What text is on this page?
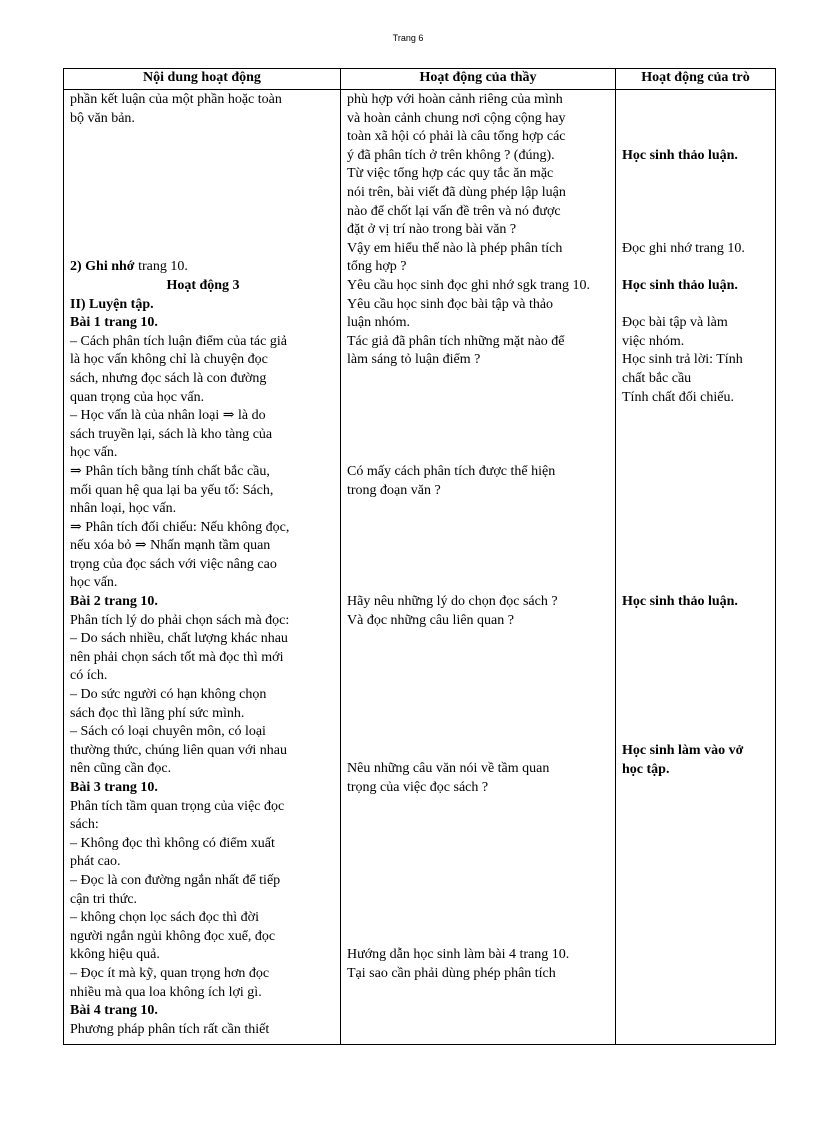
Trang 6
Nội dung hoạt động	Hoạt động của thầy	Hoạt động của trò
phần kết luận của một phần hoặc toàn
bộ văn bản.
2) Ghi nhớ trang 10.
Hoạt động 3
II) Luyện tập.
Bài 1 trang 10.
– Cách phân tích luận điểm của tác giả
là học vấn không chỉ là chuyện đọc
sách, nhưng đọc sách là con đường
quan trọng của học vấn.
– Học vấn là của nhân loại ⇒ là do
sách truyền lại, sách là kho tàng của
học vấn.
⇒ Phân tích bằng tính chất bắc cầu,
mối quan hệ qua lại ba yếu tố: Sách,
nhân loại, học vấn.
⇒ Phân tích đối chiếu: Nếu không đọc,
nếu xóa bỏ ⇒ Nhấn mạnh tầm quan
trọng của đọc sách với việc nâng cao
học vấn.
Bài 2 trang 10.
Phân tích lý do phải chọn sách mà đọc:
– Do sách nhiều, chất lượng khác nhau
nên phải chọn sách tốt mà đọc thì mới
có ích.
– Do sức người có hạn không chọn
sách đọc thì lãng phí sức mình.
– Sách có loại chuyên môn, có loại
thường thức, chúng liên quan với nhau
nên cũng cần đọc.
Bài 3 trang 10.
Phân tích tầm quan trọng của việc đọc
sách:
– Không đọc thì không có điểm xuất
phát cao.
– Đọc là con đường ngắn nhất để tiếp
cận tri thức.
– không chọn lọc sách đọc thì đời
người ngắn ngủi không đọc xuể, đọc
kkông hiệu quả.
– Đọc ít mà kỹ, quan trọng hơn đọc
nhiều mà qua loa không ích lợi gì.
Bài 4 trang 10.
Phương pháp phân tích rất cần thiết
phù hợp với hoàn cảnh riêng của mình
và hoàn cảnh chung nơi cộng cộng hay
toàn xã hội có phải là câu tổng hợp các
ý đã phân tích ở trên không ? (đúng).
Từ việc tổng hợp các quy tắc ăn mặc
nói trên, bài viết đã dùng phép lập luận
nào để chốt lại vấn đề trên và nó được
đặt ở vị trí nào trong bài văn ?
Vậy em hiểu thế nào là phép phân tích
tổng hợp ?
Yêu cầu học sinh đọc ghi nhớ sgk trang 10.
Yêu cầu học sinh đọc bài tập và thảo
luận nhóm.
Tác giả đã phân tích những mặt nào để
làm sáng tỏ luận điểm ?
Có mấy cách phân tích được thể hiện
trong đoạn văn ?
Hãy nêu những lý do chọn đọc sách ?
Và đọc những câu liên quan ?
Nêu những câu văn nói về tầm quan
trọng của việc đọc sách ?
Hướng dẫn học sinh làm bài 4 trang 10.
Tại sao cần phải dùng phép phân tích
Học sinh thảo luận.
Đọc ghi nhớ trang 10.
Học sinh thảo luận.
Đọc bài tập và làm
việc nhóm.
Học sinh trả lời: Tính
chất bắc cầu
Tính chất đối chiếu.
Học sinh thảo luận.
Học sinh làm vào vở
học tập.
